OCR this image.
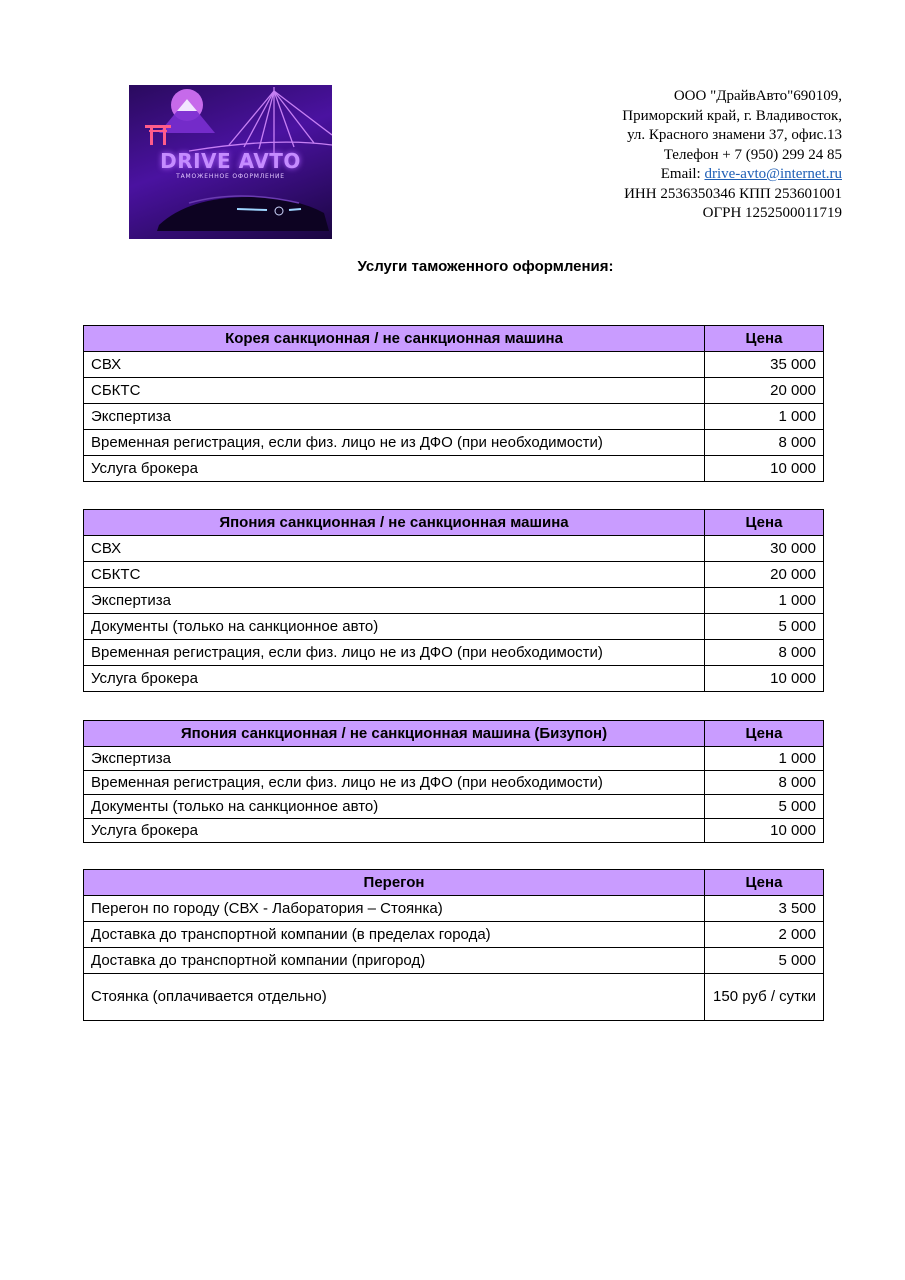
DRIVE AVTO
ТАМОЖЕННОЕ ОФОРМЛЕНИЕ
ООО "ДрайвАвто"690109,
Приморский край, г. Владивосток,
ул. Красного знамени 37, офис.13
Телефон + 7 (950) 299 24 85
Email: drive-avto@internet.ru
ИНН 2536350346 КПП 253601001
ОГРН 1252500011719
Услуги таможенного оформления:
Корея санкционная / не санкционная машина	Цена
СВХ	35 000
СБКТС	20 000
Экспертиза	1 000
Временная регистрация, если физ. лицо не из ДФО (при необходимости)	8 000
Услуга брокера	10 000
Япония санкционная / не санкционная машина	Цена
СВХ	30 000
СБКТС	20 000
Экспертиза	1 000
Документы (только на санкционное авто)	5 000
Временная регистрация, если физ. лицо не из ДФО (при необходимости)	8 000
Услуга брокера	10 000
Япония санкционная / не санкционная машина (Бизупон)	Цена
Экспертиза	1 000
Временная регистрация, если физ. лицо не из ДФО (при необходимости)	8 000
Документы (только на санкционное авто)	5 000
Услуга брокера	10 000
Перегон	Цена
Перегон по городу (СВХ - Лаборатория – Стоянка)	3 500
Доставка до транспортной компании (в пределах города)	2 000
Доставка до транспортной компании (пригород)	5 000
Стоянка (оплачивается отдельно)	150 руб / сутки
